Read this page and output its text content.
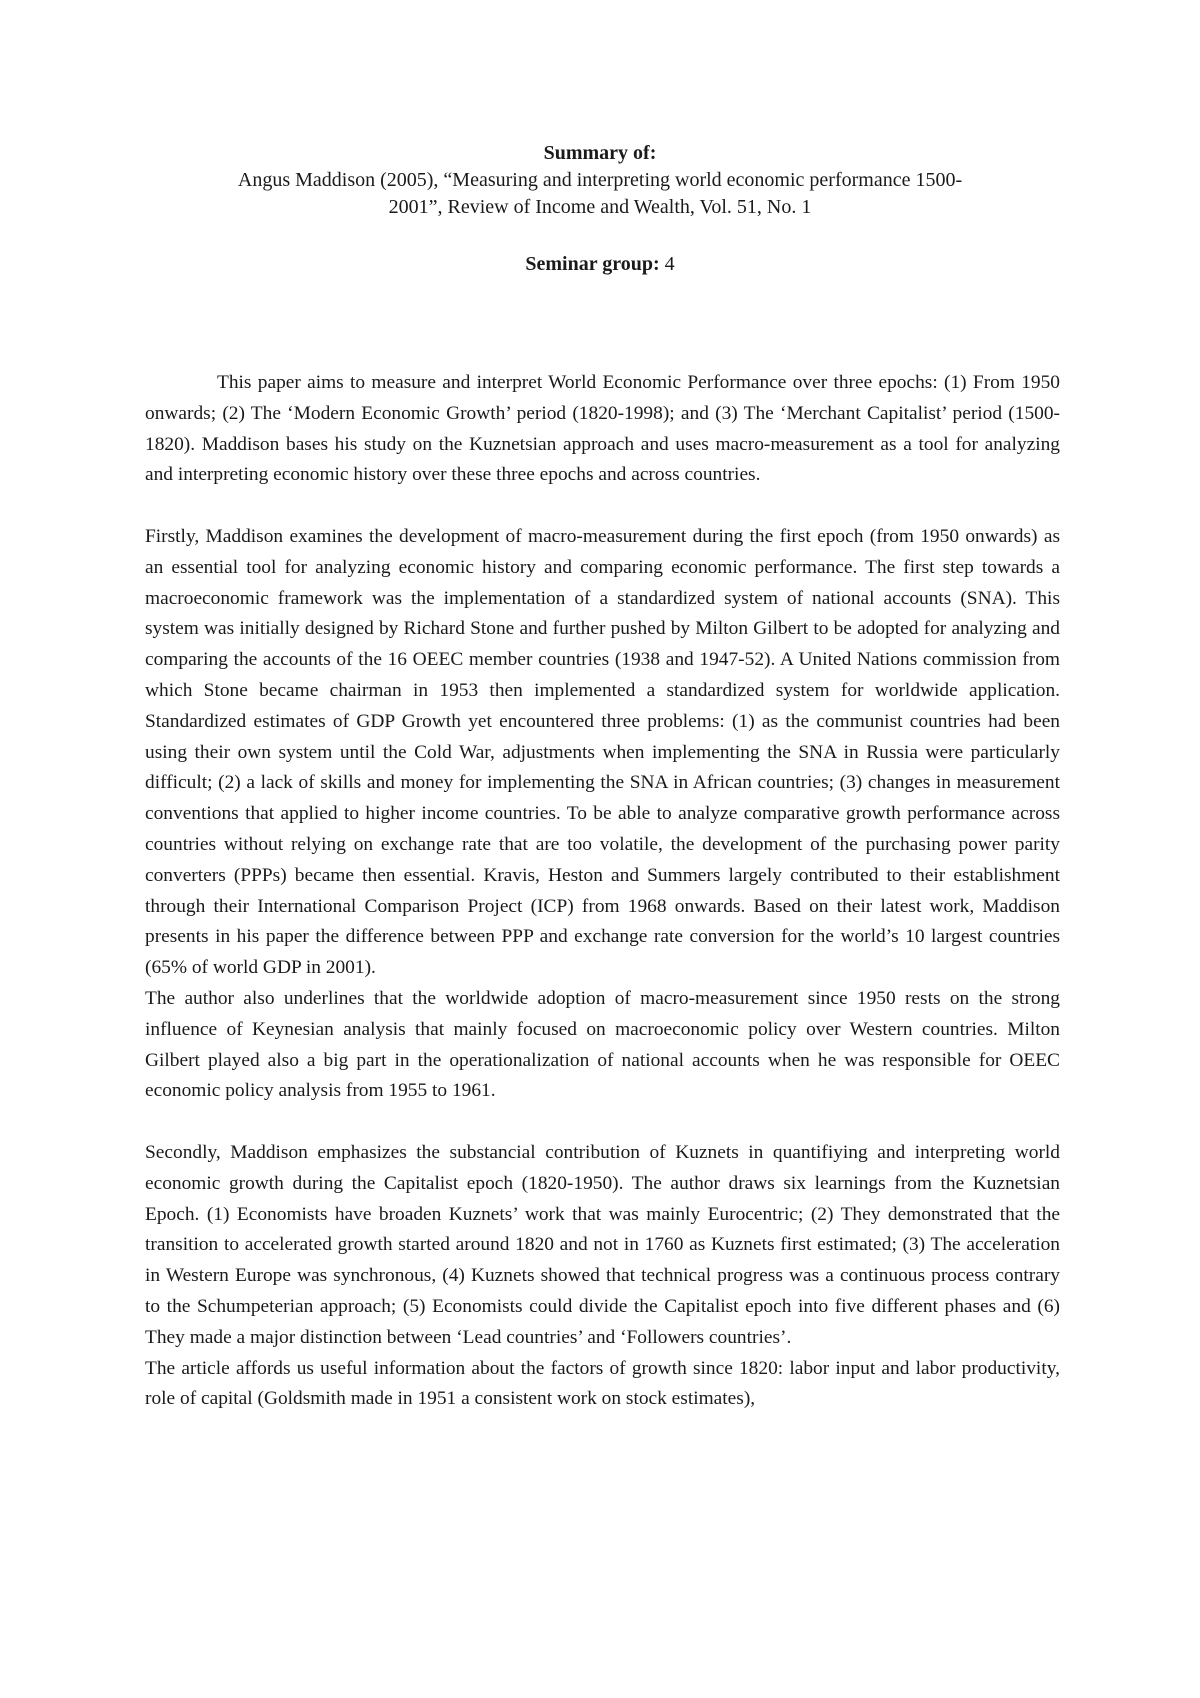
Summary of:
Angus Maddison (2005), “Measuring and interpreting world economic performance 1500-
2001”, Review of Income and Wealth, Vol. 51, No. 1
Seminar group: 4

This paper aims to measure and interpret World Economic Performance over three epochs: (1) From 1950 onwards; (2) The ‘Modern Economic Growth’ period (1820-1998); and (3) The ‘Merchant Capitalist’ period (1500-1820). Maddison bases his study on the Kuznetsian approach and uses macro-measurement as a tool for analyzing and interpreting economic history over these three epochs and across countries.

Firstly, Maddison examines the development of macro-measurement during the first epoch (from 1950 onwards) as an essential tool for analyzing economic history and comparing economic performance. The first step towards a macroeconomic framework was the implementation of a standardized system of national accounts (SNA). This system was initially designed by Richard Stone and further pushed by Milton Gilbert to be adopted for analyzing and comparing the accounts of the 16 OEEC member countries (1938 and 1947-52). A United Nations commission from which Stone became chairman in 1953 then implemented a standardized system for worldwide application. Standardized estimates of GDP Growth yet encountered three problems: (1) as the communist countries had been using their own system until the Cold War, adjustments when implementing the SNA in Russia were particularly difficult; (2) a lack of skills and money for implementing the SNA in African countries; (3) changes in measurement conventions that applied to higher income countries. To be able to analyze comparative growth performance across countries without relying on exchange rate that are too volatile, the development of the purchasing power parity converters (PPPs) became then essential. Kravis, Heston and Summers largely contributed to their establishment through their International Comparison Project (ICP) from 1968 onwards. Based on their latest work, Maddison presents in his paper the difference between PPP and exchange rate conversion for the world’s 10 largest countries (65% of world GDP in 2001).

The author also underlines that the worldwide adoption of macro-measurement since 1950 rests on the strong influence of Keynesian analysis that mainly focused on macroeconomic policy over Western countries. Milton Gilbert played also a big part in the operationalization of national accounts when he was responsible for OEEC economic policy analysis from 1955 to 1961.

Secondly, Maddison emphasizes the substancial contribution of Kuznets in quantifiying and interpreting world economic growth during the Capitalist epoch (1820-1950). The author draws six learnings from the Kuznetsian Epoch. (1) Economists have broaden Kuznets’ work that was mainly Eurocentric; (2) They demonstrated that the transition to accelerated growth started around 1820 and not in 1760 as Kuznets first estimated; (3) The acceleration in Western Europe was synchronous, (4) Kuznets showed that technical progress was a continuous process contrary to the Schumpeterian approach; (5) Economists could divide the Capitalist epoch into five different phases and (6) They made a major distinction between ‘Lead countries’ and ‘Followers countries’.

The article affords us useful information about the factors of growth since 1820: labor input and labor productivity, role of capital (Goldsmith made in 1951 a consistent work on stock estimates),
